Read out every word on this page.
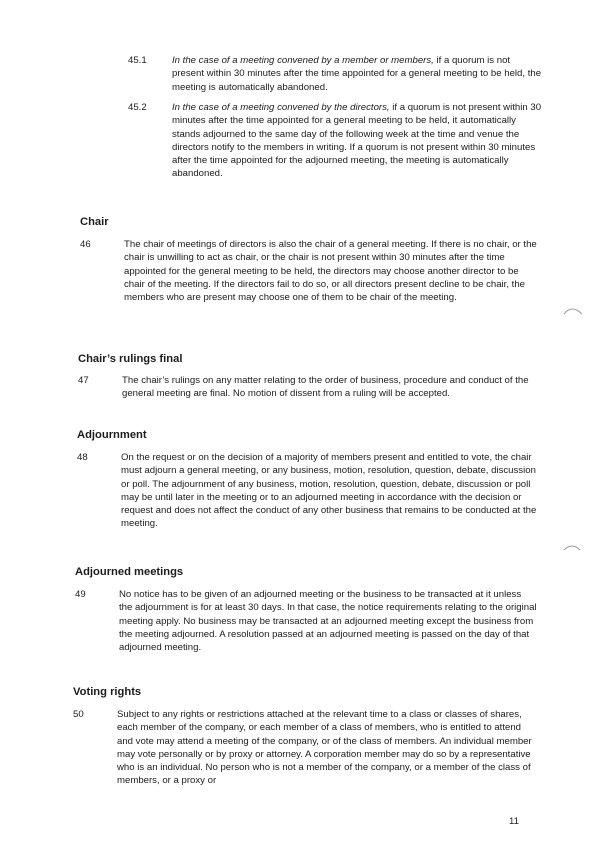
45.1	In the case of a meeting convened by a member or members, if a quorum is not present within 30 minutes after the time appointed for a general meeting to be held, the meeting is automatically abandoned.
45.2	In the case of a meeting convened by the directors, if a quorum is not present within 30 minutes after the time appointed for a general meeting to be held, it automatically stands adjourned to the same day of the following week at the time and venue the directors notify to the members in writing. If a quorum is not present within 30 minutes after the time appointed for the adjourned meeting, the meeting is automatically abandoned.
Chair
46	The chair of meetings of directors is also the chair of a general meeting. If there is no chair, or the chair is unwilling to act as chair, or the chair is not present within 30 minutes after the time appointed for the general meeting to be held, the directors may choose another director to be chair of the meeting. If the directors fail to do so, or all directors present decline to be chair, the members who are present may choose one of them to be chair of the meeting.
Chair’s rulings final
47	The chair’s rulings on any matter relating to the order of business, procedure and conduct of the general meeting are final. No motion of dissent from a ruling will be accepted.
Adjournment
48	On the request or on the decision of a majority of members present and entitled to vote, the chair must adjourn a general meeting, or any business, motion, resolution, question, debate, discussion or poll. The adjournment of any business, motion, resolution, question, debate, discussion or poll may be until later in the meeting or to an adjourned meeting in accordance with the decision or request and does not affect the conduct of any other business that remains to be conducted at the meeting.
Adjourned meetings
49	No notice has to be given of an adjourned meeting or the business to be transacted at it unless the adjournment is for at least 30 days. In that case, the notice requirements relating to the original meeting apply. No business may be transacted at an adjourned meeting except the business from the meeting adjourned. A resolution passed at an adjourned meeting is passed on the day of that adjourned meeting.
Voting rights
50	Subject to any rights or restrictions attached at the relevant time to a class or classes of shares, each member of the company, or each member of a class of members, who is entitled to attend and vote may attend a meeting of the company, or of the class of members. An individual member may vote personally or by proxy or attorney. A corporation member may do so by a representative who is an individual. No person who is not a member of the company, or a member of the class of members, or a proxy or
11
